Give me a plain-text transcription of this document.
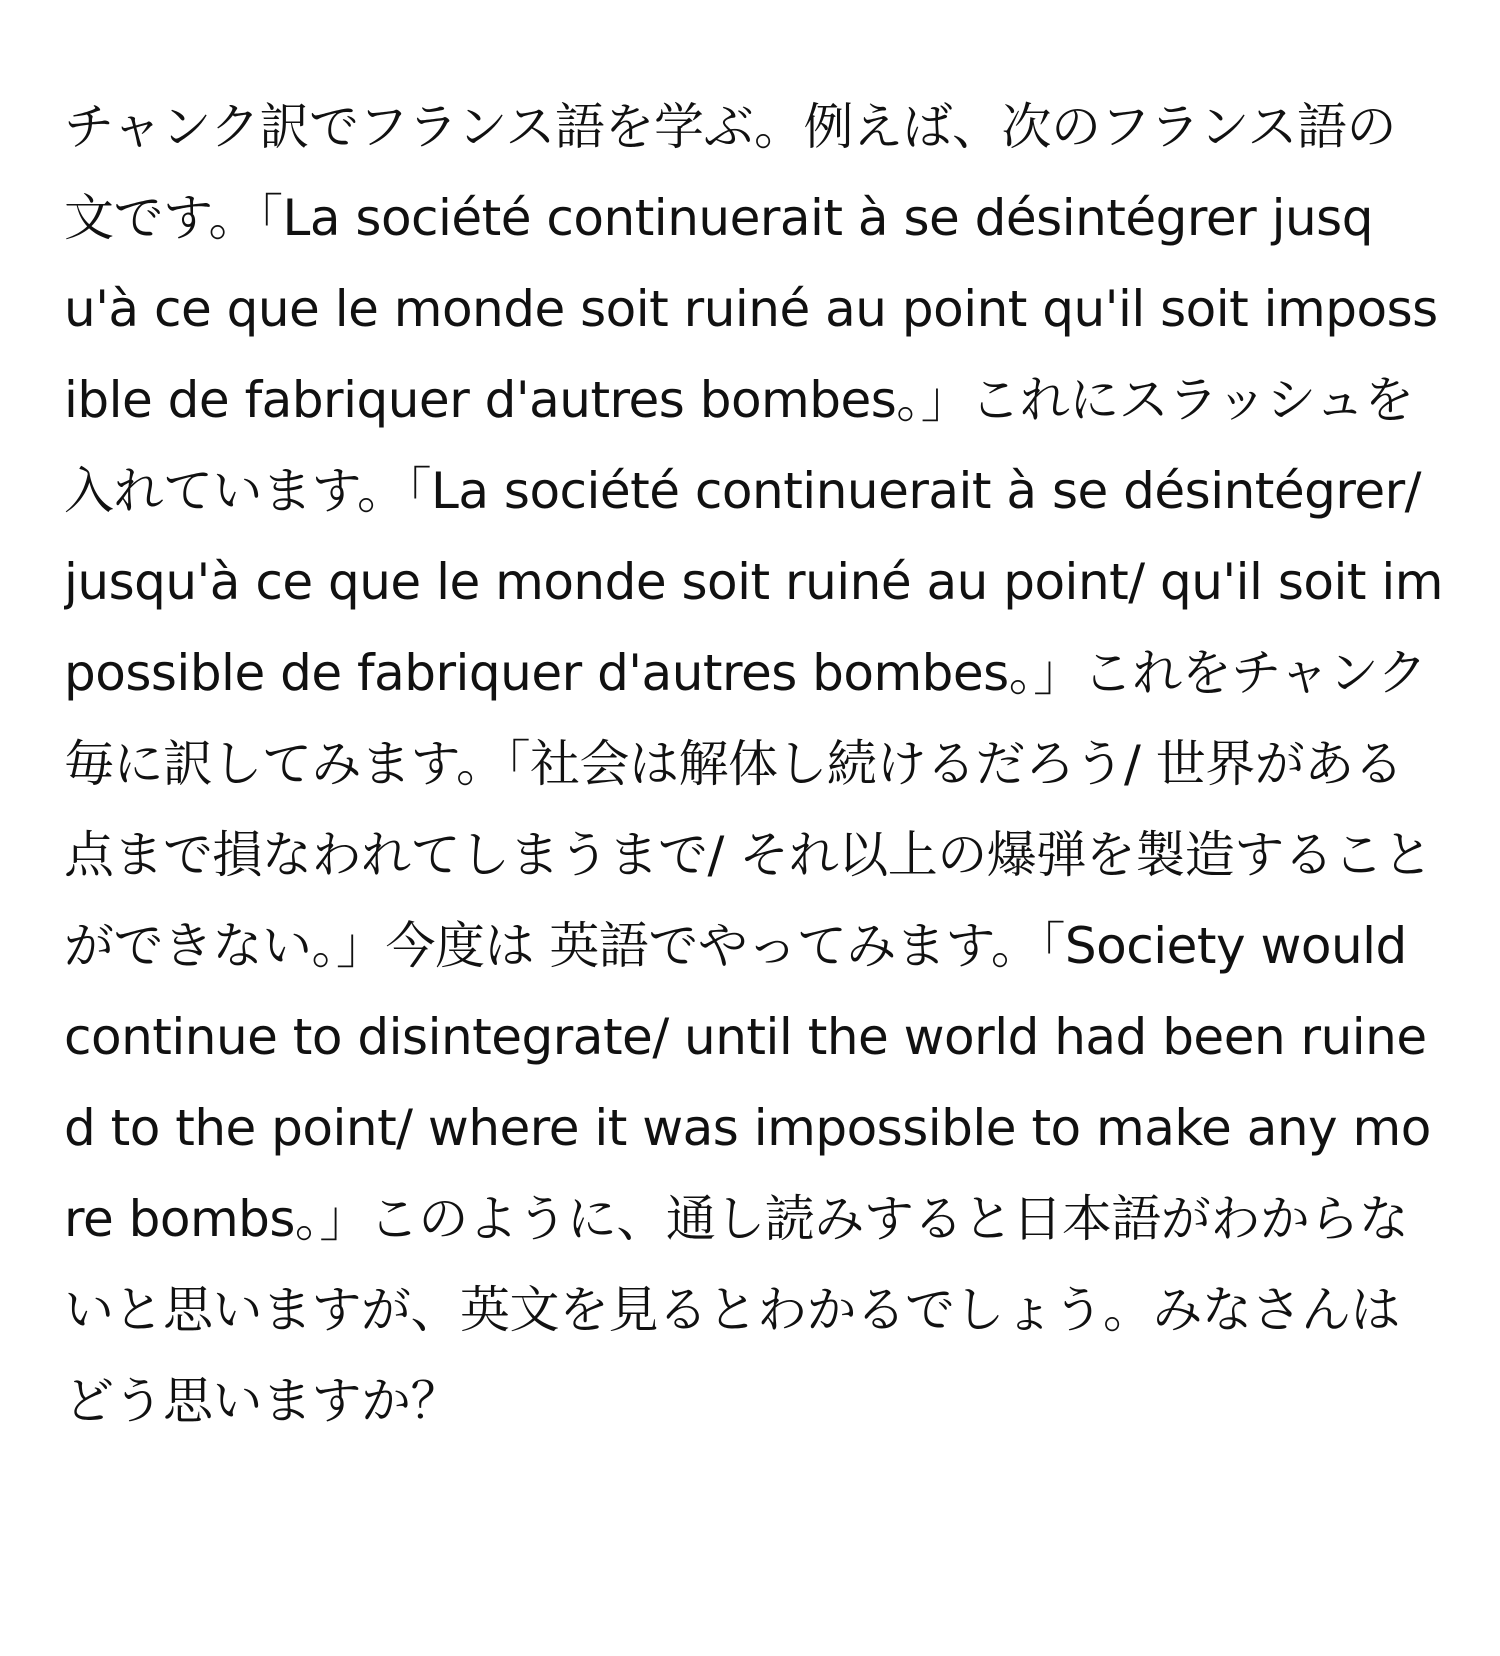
チャンク訳でフランス語を学ぶ。例えば、次のフランス語の文です。「La société continuerait à se désintégrer jusqu'à ce que le monde soit ruiné au point qu'il soit impossible de fabriquer d'autres bombes。」これにスラッシュを入れています。「La société continuerait à se désintégrer/ jusqu'à ce que le monde soit ruiné au point/ qu'il soit impossible de fabriquer d'autres bombes。」これをチャンク毎に訳してみます。「社会は解体し続けるだろう/ 世界がある点まで損なわれてしまうまで/ それ以上の爆弾を製造することができない。」今度は 英語でやってみます。「Society would continue to disintegrate/ until the world had been ruined to the point/ where it was impossible to make any more bombs。」このように、通し読みすると日本語がわからないと思いますが、英文を見るとわかるでしょう。みなさんはどう思いますか？
